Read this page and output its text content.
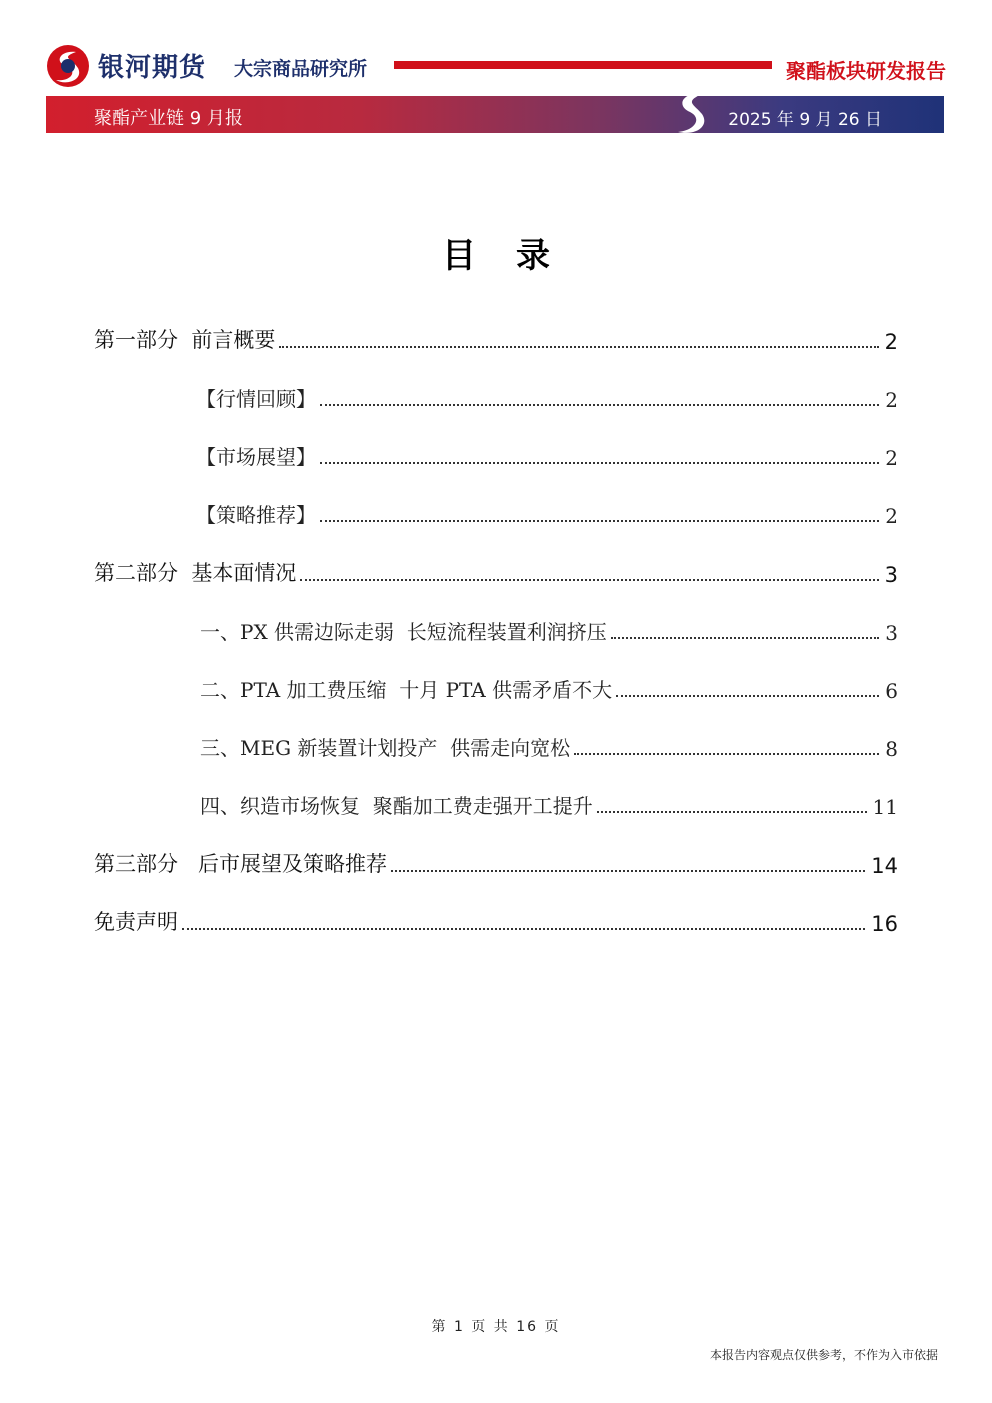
银河期货 大宗商品研究所	聚酯板块研发报告
聚酯产业链 9 月报	2025 年 9 月 26 日
目录
第一部分  前言概要	2
【行情回顾】	2
【市场展望】	2
【策略推荐】	2
第二部分  基本面情况	3
一、PX 供需边际走弱  长短流程装置利润挤压	3
二、PTA 加工费压缩  十月 PTA 供需矛盾不大	6
三、MEG 新装置计划投产  供需走向宽松	8
四、织造市场恢复  聚酯加工费走强开工提升	11
第三部分   后市展望及策略推荐	14
免责声明	16
第 1 页 共 16 页
本报告内容观点仅供参考，不作为入市依据
